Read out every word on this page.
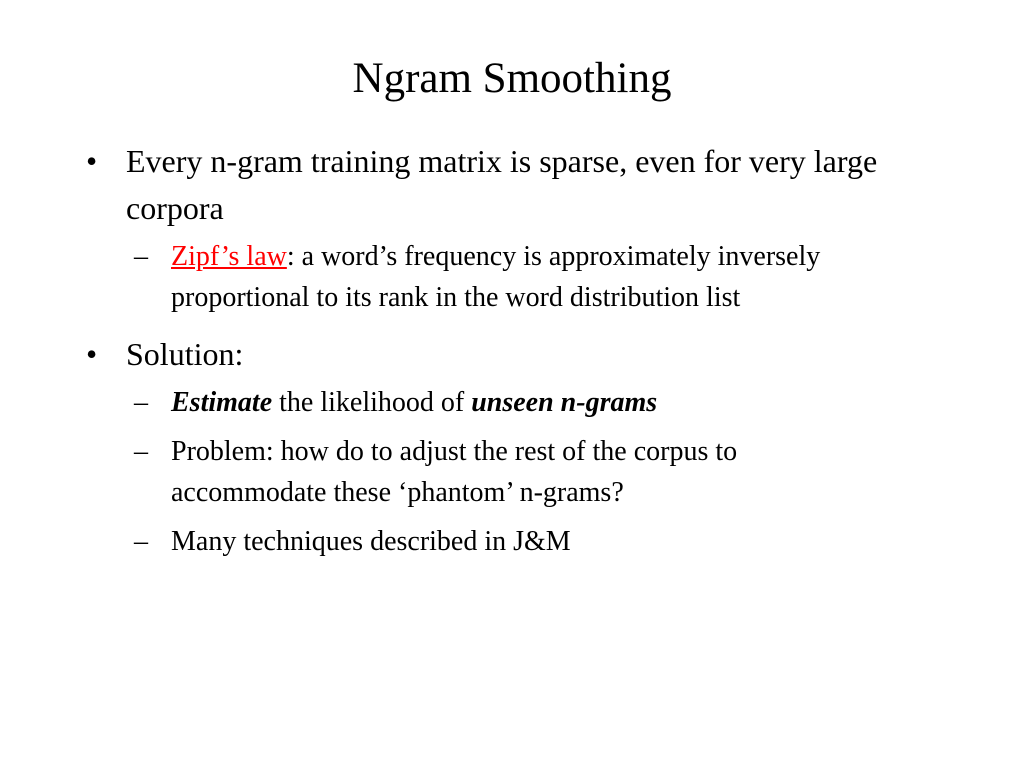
Ngram Smoothing
• Every n-gram training matrix is sparse, even for very large corpora
– Zipf’s law: a word’s frequency is approximately inversely proportional to its rank in the word distribution list
• Solution:
– Estimate the likelihood of unseen n-grams
– Problem: how do to adjust the rest of the corpus to accommodate these ‘phantom’ n-grams?
– Many techniques described in J&M
